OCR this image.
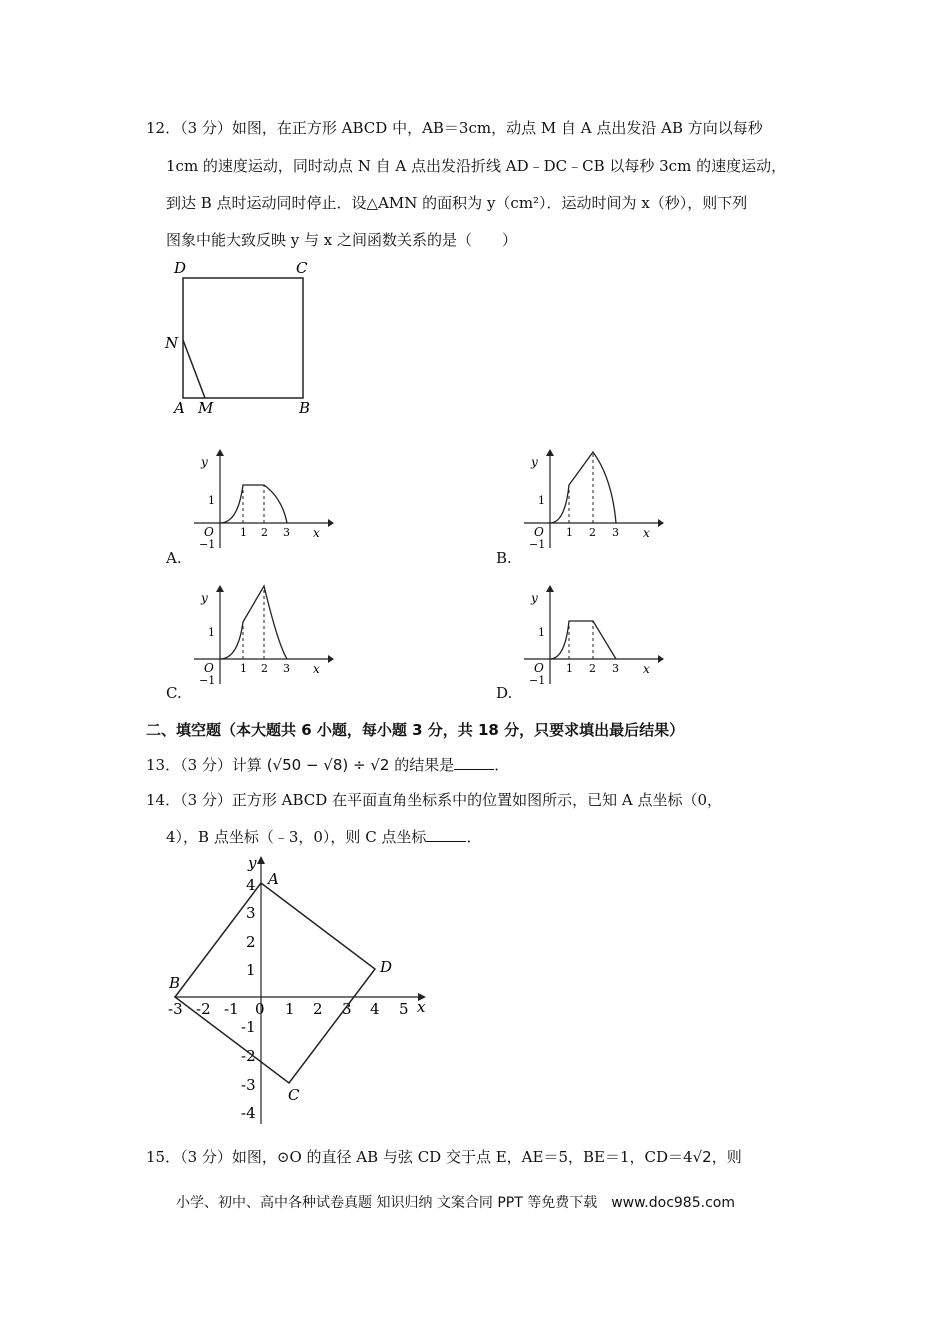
12．（3 分）如图，在正方形 ABCD 中，AB＝3cm，动点 M 自 A 点出发沿 AB 方向以每秒
1cm 的速度运动，同时动点 N 自 A 点出发沿折线 AD﹣DC﹣CB 以每秒 3cm 的速度运动，
到达 B 点时运动同时停止．设△AMN 的面积为 y（cm²）．运动时间为 x（秒），则下列
图象中能大致反映 y 与 x 之间函数关系的是（　　）
D	C
N
A M	B
y
x
O
1
−1
1 2 3
A.
y
x
O
1
−1
1 2 3
B.
y
x
O
1
−1
1 2 3
C.
y
x
O
1
−1
1 2 3
D.
二、填空题（本大题共 6 小题，每小题 3 分，共 18 分，只要求填出最后结果）
13．（3 分）计算 (√50 − √8) ÷ √2 的结果是	．
14．（3 分）正方形 ABCD 在平面直角坐标系中的位置如图所示，已知 A 点坐标（0，
4），B 点坐标（﹣3，0），则 C 点坐标	．
y
x
-3 -2 -1 0 1 2 3 4 5
4
3
2
1
-1
-2
-3
-4
A
B
C
D
15．（3 分）如图，⊙O 的直径 AB 与弦 CD 交于点 E，AE＝5，BE＝1，CD＝4√2，则
小学、初中、高中各种试卷真题 知识归纳 文案合同 PPT 等免费下载　www.doc985.com
